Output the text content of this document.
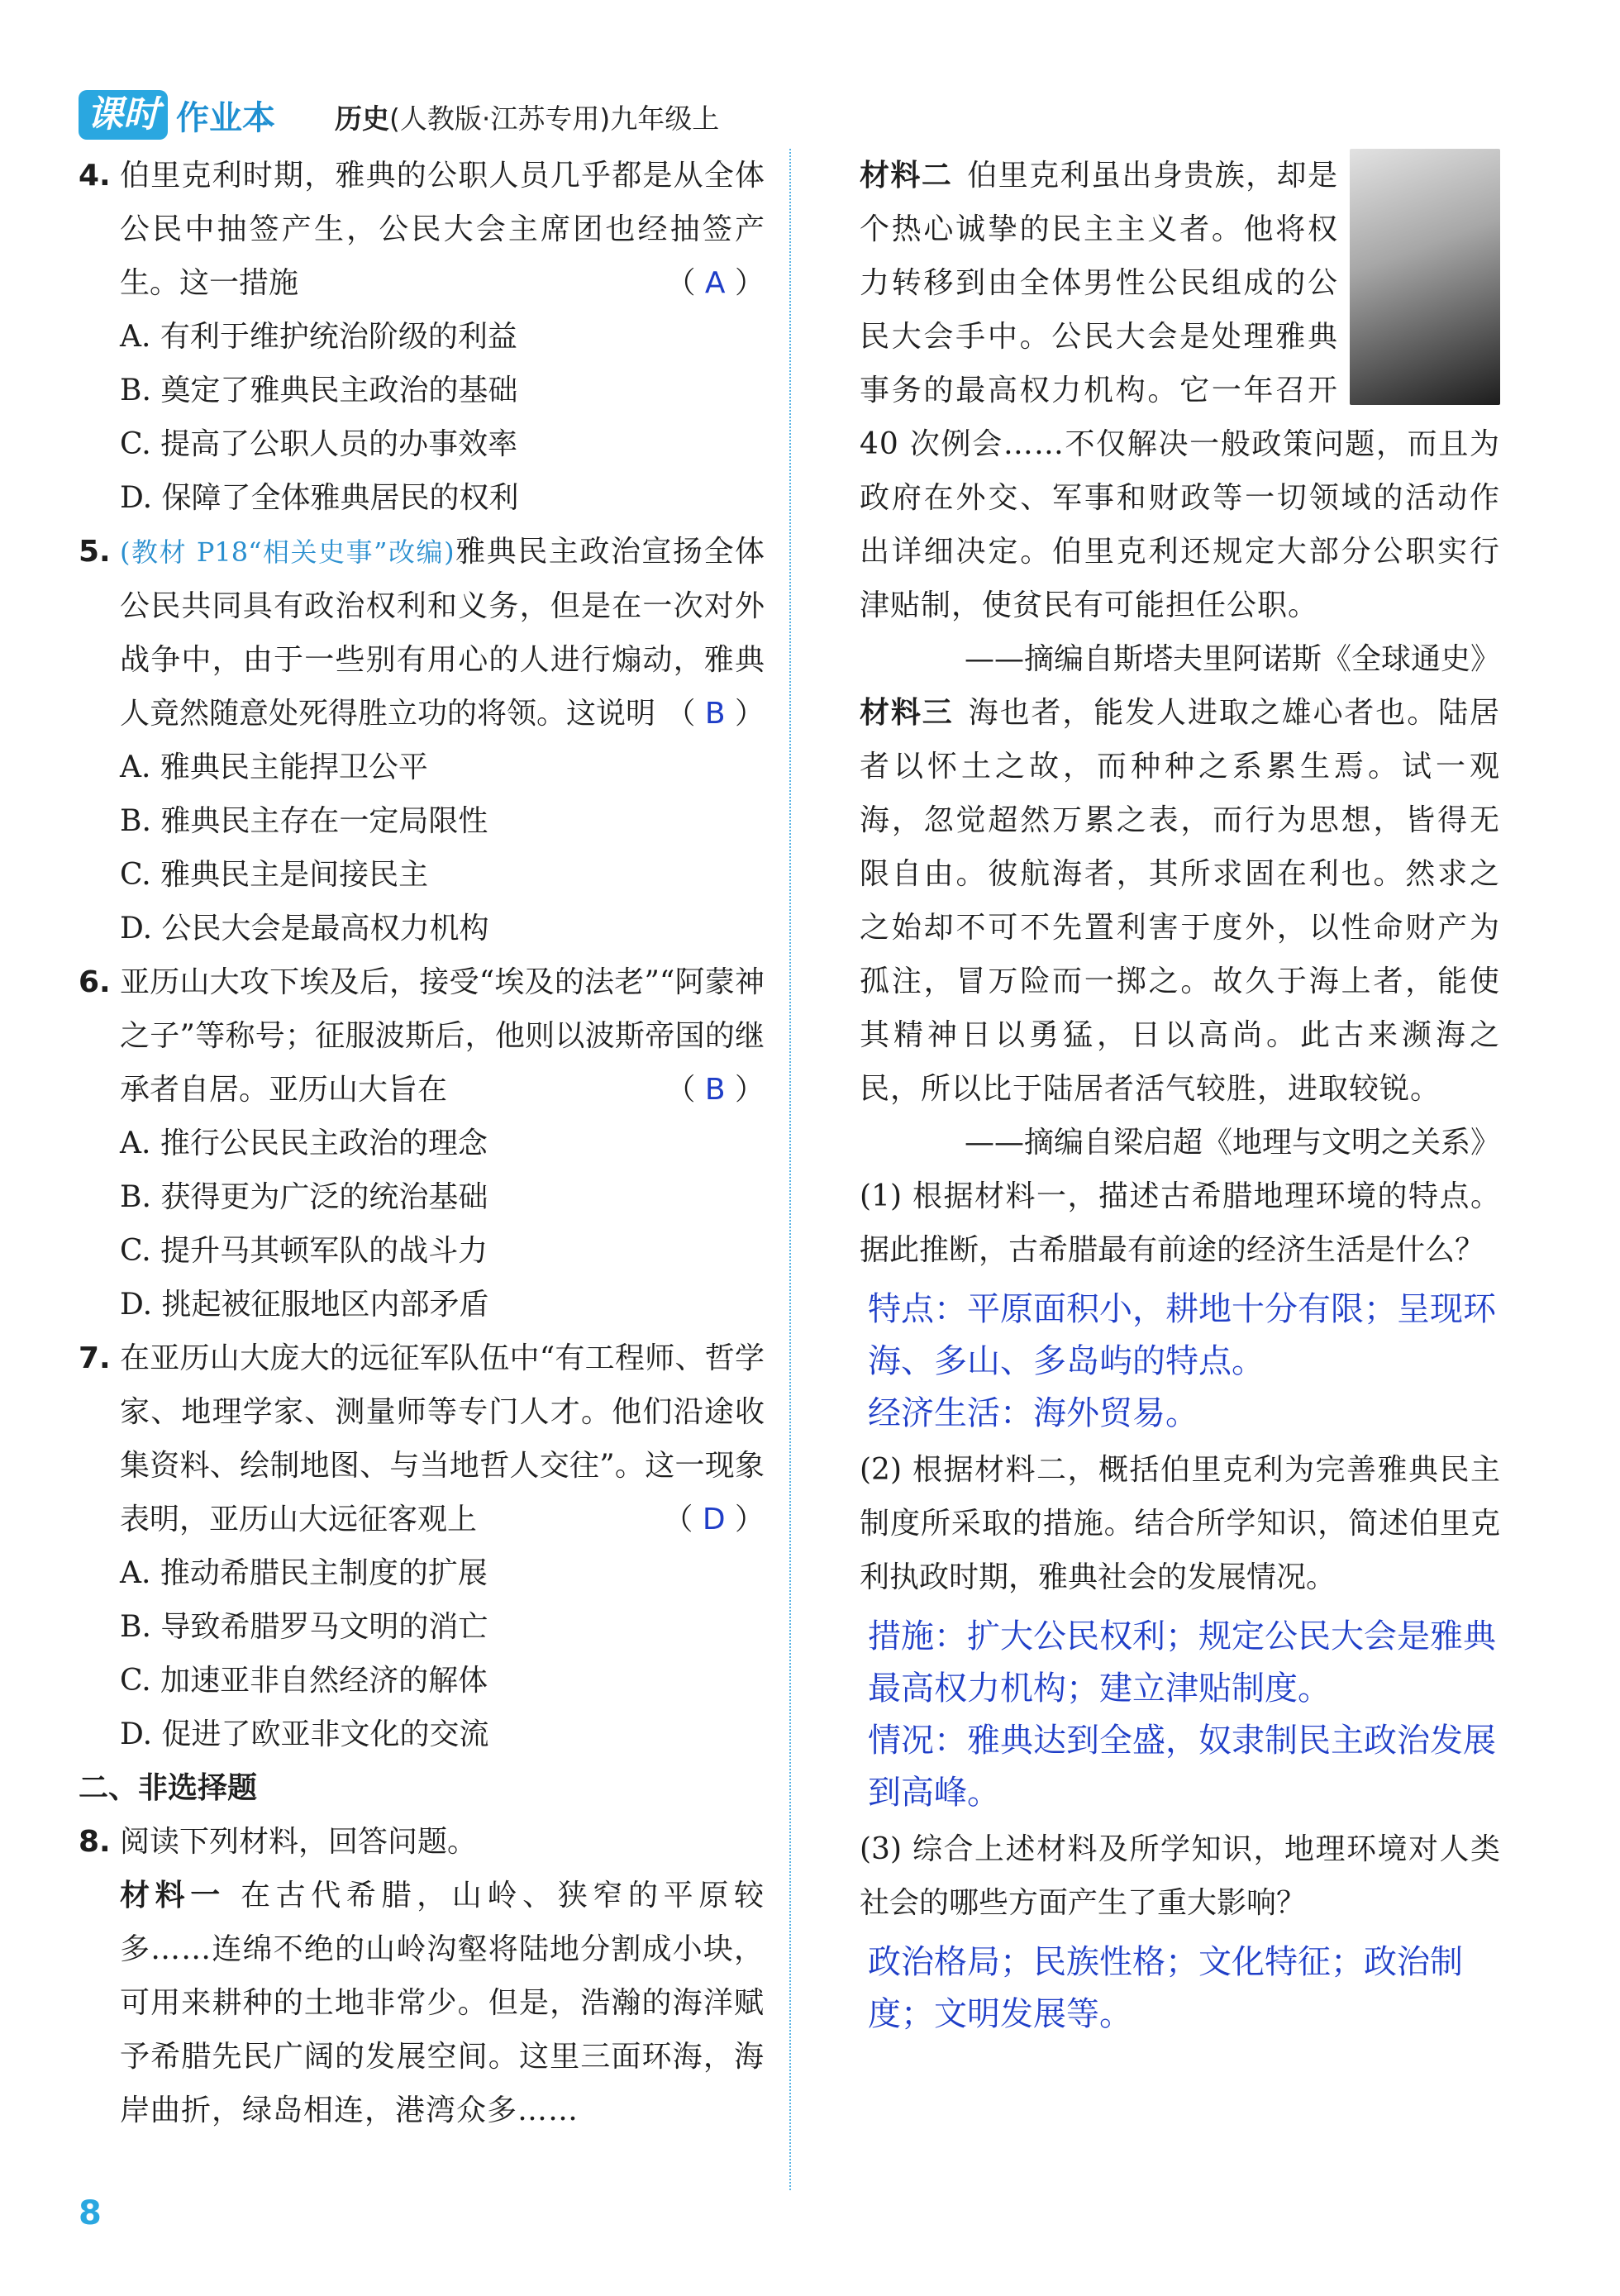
课时 作业本 历史(人教版·江苏专用)九年级上
4. 伯里克利时期，雅典的公职人员几乎都是从全体公民中抽签产生，公民大会主席团也经抽签产生。这一措施	（ A ）
A. 有利于维护统治阶级的利益
B. 奠定了雅典民主政治的基础
C. 提高了公职人员的办事效率
D. 保障了全体雅典居民的权利
5. (教材 P18“相关史事”改编)雅典民主政治宣扬全体公民共同具有政治权利和义务，但是在一次对外战争中，由于一些别有用心的人进行煽动，雅典人竟然随意处死得胜立功的将领。这说明 （ B ）
A. 雅典民主能捍卫公平
B. 雅典民主存在一定局限性
C. 雅典民主是间接民主
D. 公民大会是最高权力机构
6. 亚历山大攻下埃及后，接受“埃及的法老”“阿蒙神之子”等称号；征服波斯后，他则以波斯帝国的继承者自居。亚历山大旨在	（ B ）
A. 推行公民民主政治的理念
B. 获得更为广泛的统治基础
C. 提升马其顿军队的战斗力
D. 挑起被征服地区内部矛盾
7. 在亚历山大庞大的远征军队伍中“有工程师、哲学家、地理学家、测量师等专门人才。他们沿途收集资料、绘制地图、与当地哲人交往”。这一现象表明，亚历山大远征客观上	（ D ）
A. 推动希腊民主制度的扩展
B. 导致希腊罗马文明的消亡
C. 加速亚非自然经济的解体
D. 促进了欧亚非文化的交流
二、非选择题
8. 阅读下列材料，回答问题。
材料一 在古代希腊，山岭、狭窄的平原较多……连绵不绝的山岭沟壑将陆地分割成小块，可用来耕种的土地非常少。但是，浩瀚的海洋赋予希腊先民广阔的发展空间。这里三面环海，海岸曲折，绿岛相连，港湾众多……
材料二 伯里克利虽出身贵族，却是个热心诚挚的民主主义者。他将权力转移到由全体男性公民组成的公民大会手中。公民大会是处理雅典事务的最高权力机构。它一年召开 40 次例会……不仅解决一般政策问题，而且为政府在外交、军事和财政等一切领域的活动作出详细决定。伯里克利还规定大部分公职实行津贴制，使贫民有可能担任公职。
——摘编自斯塔夫里阿诺斯《全球通史》
材料三 海也者，能发人进取之雄心者也。陆居者以怀土之故，而种种之系累生焉。试一观海，忽觉超然万累之表，而行为思想，皆得无限自由。彼航海者，其所求固在利也。然求之之始却不可不先置利害于度外，以性命财产为孤注，冒万险而一掷之。故久于海上者，能使其精神日以勇猛，日以高尚。此古来濒海之民，所以比于陆居者活气较胜，进取较锐。
——摘编自梁启超《地理与文明之关系》
(1) 根据材料一，描述古希腊地理环境的特点。据此推断，古希腊最有前途的经济生活是什么？
特点：平原面积小，耕地十分有限；呈现环海、多山、多岛屿的特点。
经济生活：海外贸易。
(2) 根据材料二，概括伯里克利为完善雅典民主制度所采取的措施。结合所学知识，简述伯里克利执政时期，雅典社会的发展情况。
措施：扩大公民权利；规定公民大会是雅典最高权力机构；建立津贴制度。
情况：雅典达到全盛，奴隶制民主政治发展到高峰。
(3) 综合上述材料及所学知识，地理环境对人类社会的哪些方面产生了重大影响？
政治格局；民族性格；文化特征；政治制度；文明发展等。
8
